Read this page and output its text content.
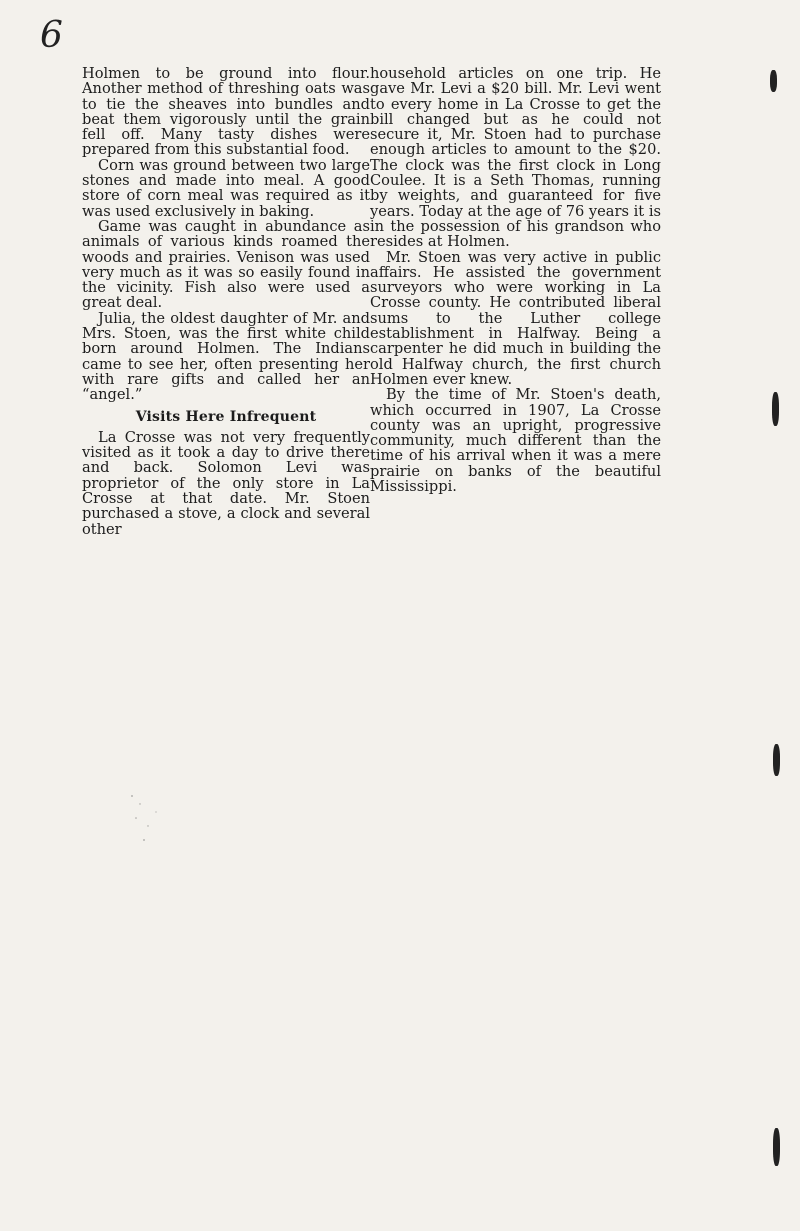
6

Holmen to be ground into flour. Another method of threshing oats was to tie the sheaves into bundles and beat them vigorously until the grain fell off. Many tasty dishes were prepared from this substantial food.

Corn was ground between two large stones and made into meal. A good store of corn meal was required as it was used exclusively in baking.

Game was caught in abundance as animals of various kinds roamed the woods and prairies. Venison was used very much as it was so easily found in the vicinity. Fish also were used a great deal.

Julia, the oldest daughter of Mr. and Mrs. Stoen, was the first white child born around Holmen. The Indians came to see her, often presenting her with rare gifts and called her an “angel.”

Visits Here Infrequent

La Crosse was not very frequently visited as it took a day to drive there and back. Solomon Levi was proprietor of the only store in La Crosse at that date. Mr. Stoen purchased a stove, a clock and several other

household articles on one trip. He gave Mr. Levi a $20 bill. Mr. Levi went to every home in La Crosse to get the bill changed but as he could not secure it, Mr. Stoen had to purchase enough articles to amount to the $20. The clock was the first clock in Long Coulee. It is a Seth Thomas, running by weights, and guaranteed for five years. Today at the age of 76 years it is in the possession of his grandson who resides at Holmen.

Mr. Stoen was very active in public affairs. He assisted the government surveyors who were working in La Crosse county. He contributed liberal sums to the Luther college establishment in Halfway. Being a carpenter he did much in building the old Halfway church, the first church Holmen ever knew.

By the time of Mr. Stoen's death, which occurred in 1907, La Crosse county was an upright, progressive community, much different than the time of his arrival when it was a mere prairie on banks of the beautiful Mississippi.
